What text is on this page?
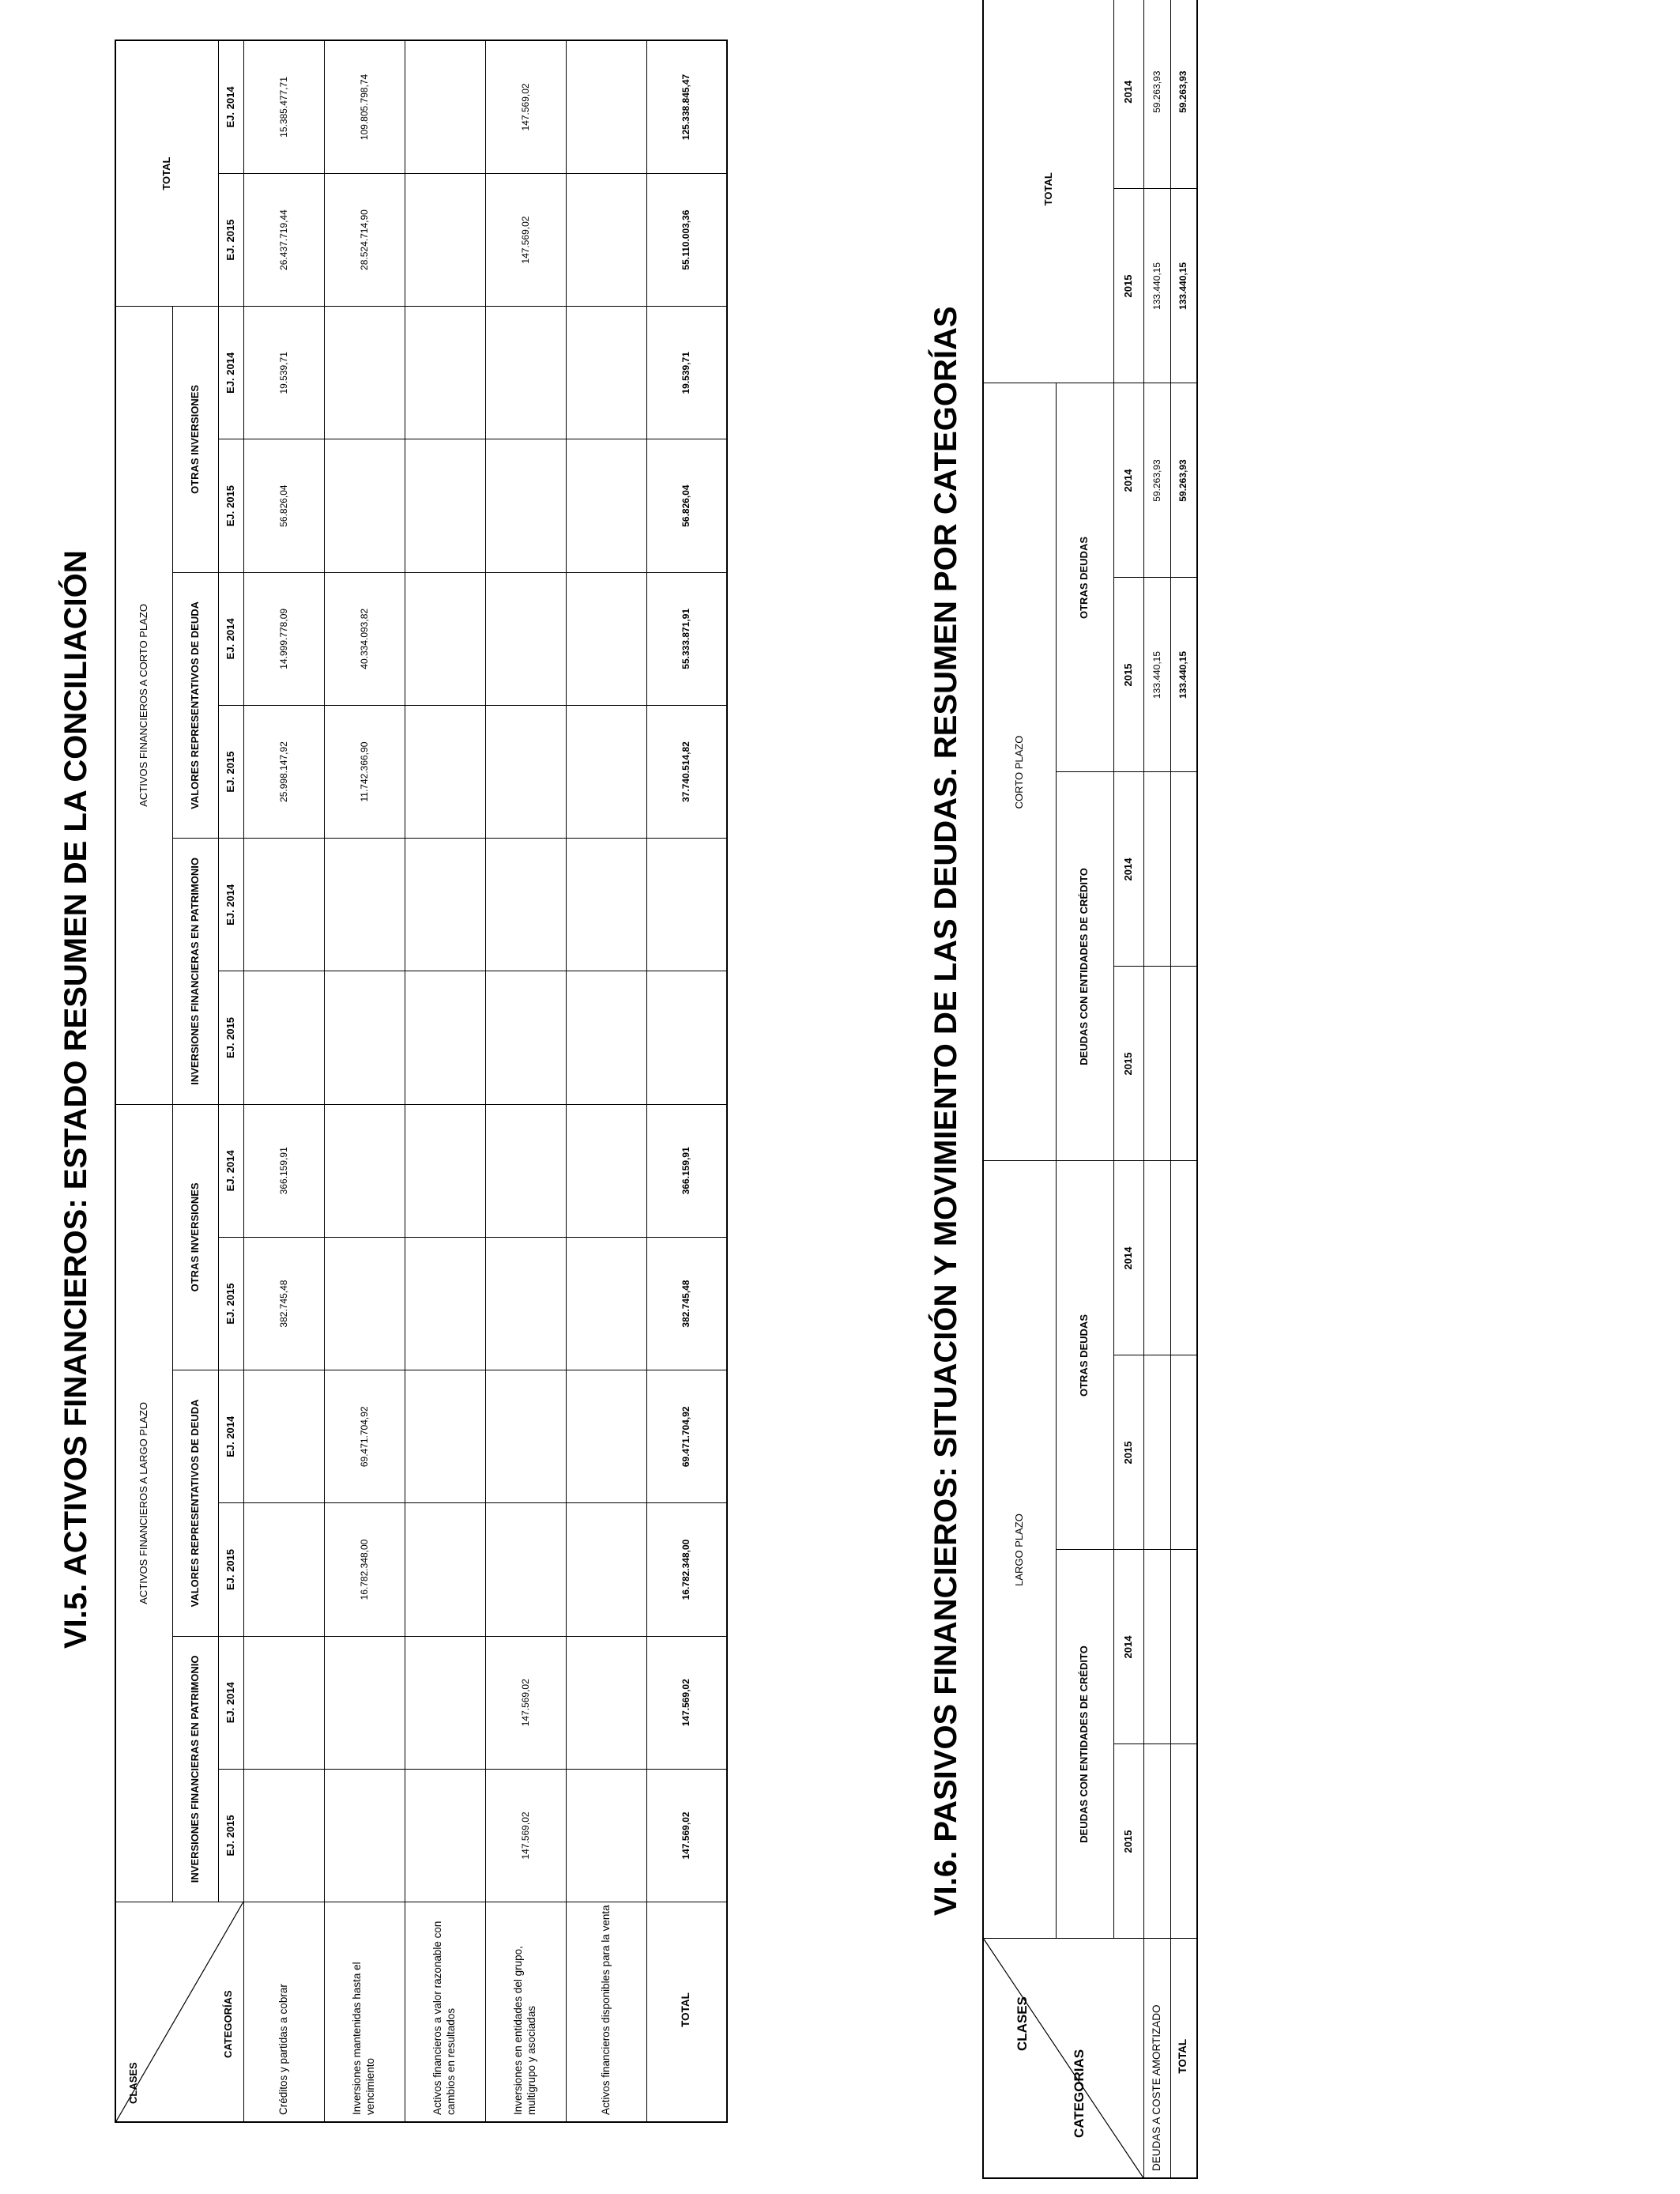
VI.5. ACTIVOS FINANCIEROS: ESTADO RESUMEN DE LA CONCILIACIÓN
CLASES
CATEGORÍAS	ACTIVOS FINANCIEROS A LARGO PLAZO						ACTIVOS FINANCIEROS A CORTO PLAZO						TOTAL	
	INVERSIONES FINANCIERAS EN PATRIMONIO		VALORES REPRESENTATIVOS DE DEUDA		OTRAS INVERSIONES		INVERSIONES FINANCIERAS EN PATRIMONIO		VALORES REPRESENTATIVOS DE DEUDA		OTRAS INVERSIONES			
	EJ. 2015	EJ. 2014	EJ. 2015	EJ. 2014	EJ. 2015	EJ. 2014	EJ. 2015	EJ. 2014	EJ. 2015	EJ. 2014	EJ. 2015	EJ. 2014	EJ. 2015	EJ. 2014
Créditos y partidas a cobrar					382.745,48	366.159,91			25.998.147,92	14.999.778,09	56.826,04	19.539,71	26.437.719,44	15.385.477,71
Inversiones mantenidas hasta el vencimiento			16.782.348,00	69.471.704,92					11.742.366,90	40.334.093,82			28.524.714,90	109.805.798,74
Activos financieros a valor razonable con cambios en resultados														
Inversiones en entidades del grupo, multigrupo y asociadas	147.569,02	147.569,02											147.569,02	147.569,02
Activos financieros disponibles para la venta														
TOTAL	147.569,02	147.569,02	16.782.348,00	69.471.704,92	382.745,48	366.159,91			37.740.514,82	55.333.871,91	56.826,04	19.539,71	55.110.003,36	125.338.845,47
VI.6. PASIVOS FINANCIEROS: SITUACIÓN Y MOVIMIENTO DE LAS DEUDAS. RESUMEN POR CATEGORÍAS
CLASES
CATEGORIAS	LARGO PLAZO				CORTO PLAZO				TOTAL	
	DEUDAS CON ENTIDADES DE CRÉDITO		OTRAS DEUDAS		DEUDAS CON ENTIDADES DE CRÉDITO		OTRAS DEUDAS			
	2015	2014	2015	2014	2015	2014	2015	2014	2015	2014
DEUDAS A COSTE AMORTIZADO							133.440,15	59.263,93	133.440,15	59.263,93
TOTAL							133.440,15	59.263,93	133.440,15	59.263,93
